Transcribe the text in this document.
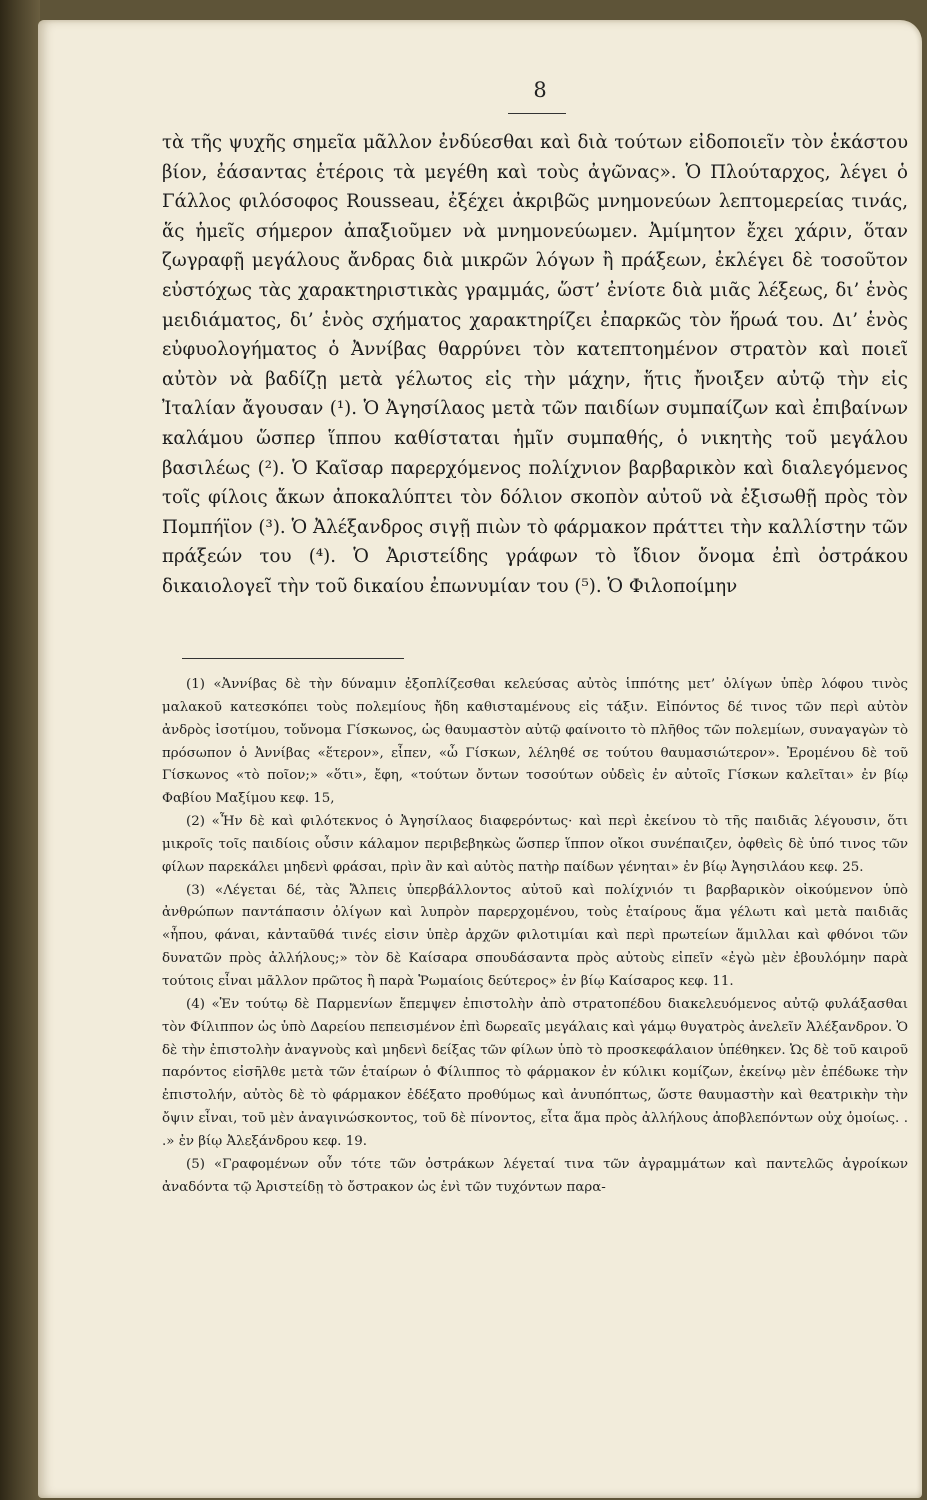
8

τὰ τῆς ψυχῆς σημεῖα μᾶλλον ἐνδύεσθαι καὶ διὰ τούτων εἰδοποιεῖν τὸν ἑκάστου βίον, ἐάσαντας ἑτέροις τὰ μεγέθη καὶ τοὺς ἀγῶνας». Ὁ Πλούταρχος, λέγει ὁ Γάλλος φιλόσοφος Rousseau, ἐξέχει ἀκριβῶς μνημονεύων λεπτομερείας τινάς, ἅς ἡμεῖς σήμερον ἀπαξιοῦμεν νὰ μνημονεύωμεν. Ἀμίμητον ἔχει χάριν, ὅταν ζωγραφῇ μεγάλους ἄνδρας διὰ μικρῶν λόγων ἢ πράξεων, ἐκλέγει δὲ τοσοῦτον εὐστόχως τὰς χαρακτηριστικὰς γραμμάς, ὥστ’ ἐνίοτε διὰ μιᾶς λέξεως, δι’ ἑνὸς μειδιάματος, δι’ ἑνὸς σχήματος χαρακτηρίζει ἐπαρκῶς τὸν ἥρωά του. Δι’ ἑνὸς εὐφυολογήματος ὁ Ἀννίβας θαρρύνει τὸν κατεπτοημένον στρατὸν καὶ ποιεῖ αὐτὸν νὰ βαδίζῃ μετὰ γέλωτος εἰς τὴν μάχην, ἥτις ἤνοιξεν αὐτῷ τὴν εἰς Ἰταλίαν ἄγουσαν (¹). Ὁ Ἀγησίλαος μετὰ τῶν παιδίων συμπαίζων καὶ ἐπιβαίνων καλάμου ὥσπερ ἵππου καθίσταται ἡμῖν συμπαθής, ὁ νικητὴς τοῦ μεγάλου βασιλέως (²). Ὁ Καῖσαρ παρερχόμενος πολίχνιον βαρβαρικὸν καὶ διαλεγόμενος τοῖς φίλοις ἄκων ἀποκαλύπτει τὸν δόλιον σκοπὸν αὐτοῦ νὰ ἐξισωθῇ πρὸς τὸν Πομπήϊον (³). Ὁ Ἀλέξανδρος σιγῇ πιὼν τὸ φάρμακον πράττει τὴν καλλίστην τῶν πράξεών του (⁴). Ὁ Ἀριστείδης γράφων τὸ ἴδιον ὄνομα ἐπὶ ὀστράκου δικαιολογεῖ τὴν τοῦ δικαίου ἐπωνυμίαν του (⁵). Ὁ Φιλοποίμην

(1) «Ἀννίβας δὲ τὴν δύναμιν ἐξοπλίζεσθαι κελεύσας αὐτὸς ἱππότης μετ’ ὀλίγων ὑπὲρ λόφου τινὸς μαλακοῦ κατεσκόπει τοὺς πολεμίους ἤδη καθισταμένους εἰς τάξιν. Εἰπόντος δέ τινος τῶν περὶ αὐτὸν ἀνδρὸς ἰσοτίμου, τοὔνομα Γίσκωνος, ὡς θαυμαστὸν αὐτῷ φαίνοιτο τὸ πλῆθος τῶν πολεμίων, συναγαγὼν τὸ πρόσωπον ὁ Ἀννίβας «ἕτερον», εἶπεν, «ὦ Γίσκων, λέληθέ σε τούτου θαυμασιώτερον». Ἐρομένου δὲ τοῦ Γίσκωνος «τὸ ποῖον;» «ὅτι», ἔφη, «τούτων ὄντων τοσούτων οὐδεὶς ἐν αὐτοῖς Γίσκων καλεῖται» ἐν βίῳ Φαβίου Μαξίμου κεφ. 15,

(2) «Ἦν δὲ καὶ φιλότεκνος ὁ Ἀγησίλαος διαφερόντως· καὶ περὶ ἐκείνου τὸ τῆς παιδιᾶς λέγουσιν, ὅτι μικροῖς τοῖς παιδίοις οὖσιν κάλαμον περιβεβηκὼς ὥσπερ ἵππον οἴκοι συνέπαιζεν, ὀφθεὶς δὲ ὑπό τινος τῶν φίλων παρεκάλει μηδενὶ φράσαι, πρὶν ἂν καὶ αὐτὸς πατὴρ παίδων γένηται» ἐν βίῳ Ἀγησιλάου κεφ. 25.

(3) «Λέγεται δέ, τὰς Ἄλπεις ὑπερβάλλοντος αὐτοῦ καὶ πολίχνιόν τι βαρβαρικὸν οἰκούμενον ὑπὸ ἀνθρώπων παντάπασιν ὀλίγων καὶ λυπρὸν παρερχομένου, τοὺς ἑταίρους ἅμα γέλωτι καὶ μετὰ παιδιᾶς «ἦπου, φάναι, κἀνταῦθά τινές εἰσιν ὑπὲρ ἀρχῶν φιλοτιμίαι καὶ περὶ πρωτείων ἅμιλλαι καὶ φθόνοι τῶν δυνατῶν πρὸς ἀλλήλους;» τὸν δὲ Καίσαρα σπουδάσαντα πρὸς αὐτοὺς εἰπεῖν «ἐγὼ μὲν ἐβουλόμην παρὰ τούτοις εἶναι μᾶλλον πρῶτος ἢ παρὰ Ῥωμαίοις δεύτερος» ἐν βίῳ Καίσαρος κεφ. 11.

(4) «Ἐν τούτῳ δὲ Παρμενίων ἔπεμψεν ἐπιστολὴν ἀπὸ στρατοπέδου διακελευόμενος αὐτῷ φυλάξασθαι τὸν Φίλιππον ὡς ὑπὸ Δαρείου πεπεισμένον ἐπὶ δωρεαῖς μεγάλαις καὶ γάμῳ θυγατρὸς ἀνελεῖν Ἀλέξανδρον. Ὁ δὲ τὴν ἐπιστολὴν ἀναγνοὺς καὶ μηδενὶ δείξας τῶν φίλων ὑπὸ τὸ προσκεφάλαιον ὑπέθηκεν. Ὡς δὲ τοῦ καιροῦ παρόντος εἰσῆλθε μετὰ τῶν ἑταίρων ὁ Φίλιππος τὸ φάρμακον ἐν κύλικι κομίζων, ἐκείνῳ μὲν ἐπέδωκε τὴν ἐπιστολήν, αὐτὸς δὲ τὸ φάρμακον ἐδέξατο προθύμως καὶ ἀνυπόπτως, ὥστε θαυμαστὴν καὶ θεατρικὴν τὴν ὄψιν εἶναι, τοῦ μὲν ἀναγινώσκοντος, τοῦ δὲ πίνοντος, εἶτα ἅμα πρὸς ἀλλήλους ἀποβλεπόντων οὐχ ὁμοίως. . .» ἐν βίῳ Ἀλεξάνδρου κεφ. 19.

(5) «Γραφομένων οὖν τότε τῶν ὀστράκων λέγεταί τινα τῶν ἀγραμμάτων καὶ παντελῶς ἀγροίκων ἀναδόντα τῷ Ἀριστείδῃ τὸ ὄστρακον ὡς ἑνὶ τῶν τυχόντων παρα-
